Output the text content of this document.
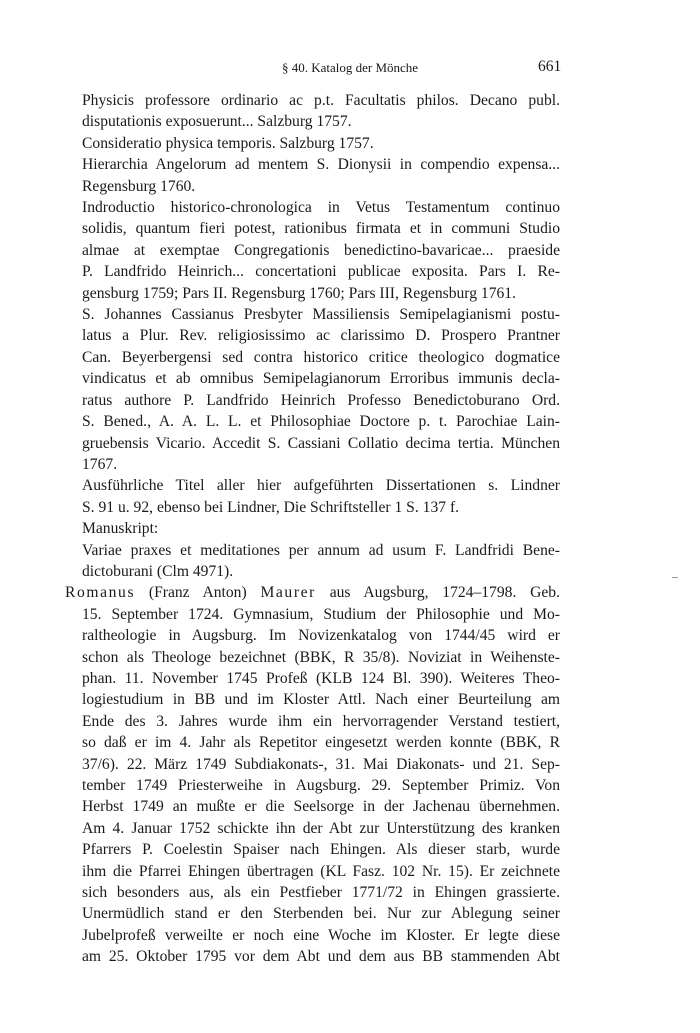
§ 40. Katalog der Mönche	661
Physicis professore ordinario ac p.t. Facultatis philos. Decano publ.
disputationis exposuerunt... Salzburg 1757.
Consideratio physica temporis. Salzburg 1757.
Hierarchia Angelorum ad mentem S. Dionysii in compendio expensa...
Regensburg 1760.
Indroductio historico-chronologica in Vetus Testamentum continuo
solidis, quantum fieri potest, rationibus firmata et in communi Studio
almae at exemptae Congregationis benedictino-bavaricae... praeside
P. Landfrido Heinrich... concertationi publicae exposita. Pars I. Re-
gensburg 1759; Pars II. Regensburg 1760; Pars III, Regensburg 1761.
S. Johannes Cassianus Presbyter Massiliensis Semipelagianismi postu-
latus a Plur. Rev. religiosissimo ac clarissimo D. Prospero Prantner
Can. Beyerbergensi sed contra historico critice theologico dogmatice
vindicatus et ab omnibus Semipelagianorum Erroribus immunis decla-
ratus authore P. Landfrido Heinrich Professo Benedictoburano Ord.
S. Bened., A. A. L. L. et Philosophiae Doctore p. t. Parochiae Lain-
gruebensis Vicario. Accedit S. Cassiani Collatio decima tertia. München
1767.
Ausführliche Titel aller hier aufgeführten Dissertationen s. Lindner
S. 91 u. 92, ebenso bei Lindner, Die Schriftsteller 1 S. 137 f.
Manuskript:
Variae praxes et meditationes per annum ad usum F. Landfridi Bene-
dictoburani (Clm 4971).
Romanus (Franz Anton) Maurer aus Augsburg, 1724–1798. Geb.
15. September 1724. Gymnasium, Studium der Philosophie und Mo-
raltheologie in Augsburg. Im Novizenkatalog von 1744/45 wird er
schon als Theologe bezeichnet (BBK, R 35/8). Noviziat in Weihenste-
phan. 11. November 1745 Profeß (KLB 124 Bl. 390). Weiteres Theo-
logiestudium in BB und im Kloster Attl. Nach einer Beurteilung am
Ende des 3. Jahres wurde ihm ein hervorragender Verstand testiert,
so daß er im 4. Jahr als Repetitor eingesetzt werden konnte (BBK, R
37/6). 22. März 1749 Subdiakonats-, 31. Mai Diakonats- und 21. Sep-
tember 1749 Priesterweihe in Augsburg. 29. September Primiz. Von
Herbst 1749 an mußte er die Seelsorge in der Jachenau übernehmen.
Am 4. Januar 1752 schickte ihn der Abt zur Unterstützung des kranken
Pfarrers P. Coelestin Spaiser nach Ehingen. Als dieser starb, wurde
ihm die Pfarrei Ehingen übertragen (KL Fasz. 102 Nr. 15). Er zeichnete
sich besonders aus, als ein Pestfieber 1771/72 in Ehingen grassierte.
Unermüdlich stand er den Sterbenden bei. Nur zur Ablegung seiner
Jubelprofeß verweilte er noch eine Woche im Kloster. Er legte diese
am 25. Oktober 1795 vor dem Abt und dem aus BB stammenden Abt
